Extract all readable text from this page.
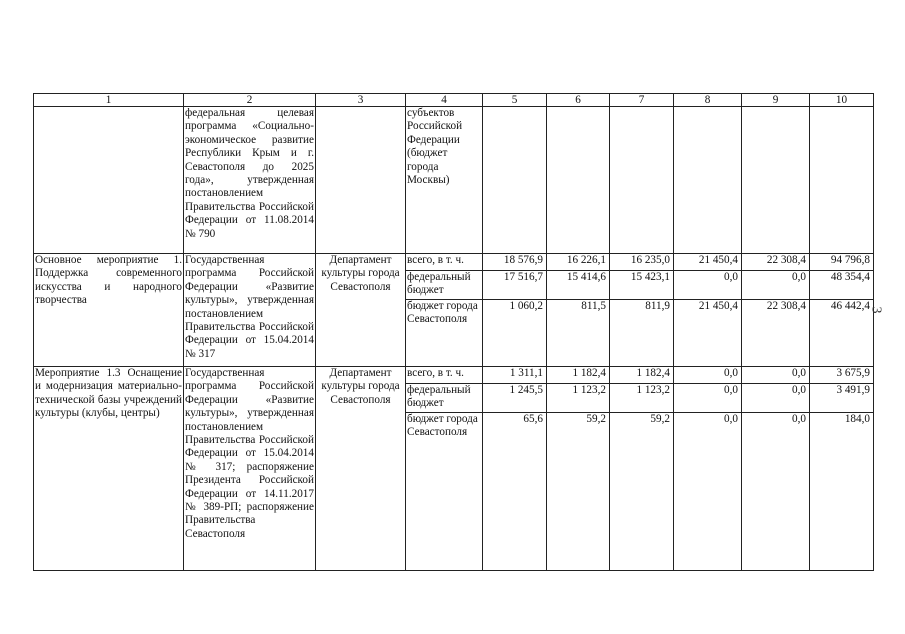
1	2	3	4	5	6	7	8	9	10
	федеральная целевая программа «Социально-экономическое развитие Республики Крым и г. Севастополя до 2025 года», утвержденная постановлением Правительства Российской Федерации от 11.08.2014 № 790		субъектов Российской Федерации (бюджет города Москвы)						
Основное мероприятие 1. Поддержка современного искусства и народного творчества	Государственная программа Российской Федерации «Развитие культуры», утвержденная постановлением Правительства Российской Федерации от 15.04.2014 № 317	Департамент культуры города Севастополя	всего, в т. ч.	18 576,9	16 226,1	16 235,0	21 450,4	22 308,4	94 796,8
			федеральный бюджет	17 516,7	15 414,6	15 423,1	0,0	0,0	48 354,4
			бюджет города Севастополя	1 060,2	811,5	811,9	21 450,4	22 308,4	46 442,4
Мероприятие 1.3 Оснащение и модернизация материально-технической базы учреждений культуры (клубы, центры)	Государственная программа Российской Федерации «Развитие культуры», утвержденная постановлением Правительства Российской Федерации от 15.04.2014 № 317; распоряжение Президента Российской Федерации от 14.11.2017 № 389-РП; распоряжение Правительства Севастополя	Департамент культуры города Севастополя	всего, в т. ч.	1 311,1	1 182,4	1 182,4	0,0	0,0	3 675,9
			федеральный бюджет	1 245,5	1 123,2	1 123,2	0,0	0,0	3 491,9
			бюджет города Севастополя	65,6	59,2	59,2	0,0	0,0	184,0
3
